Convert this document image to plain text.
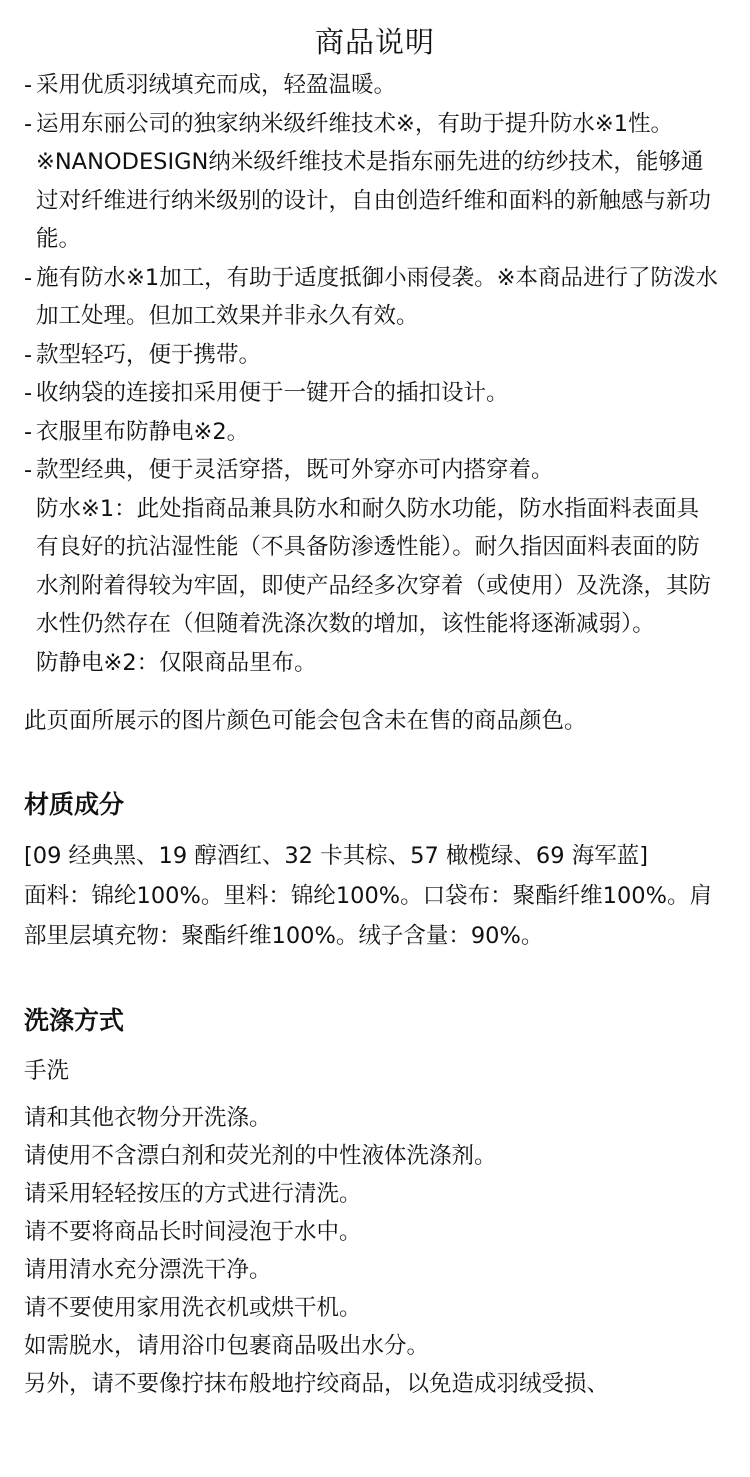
商品说明
- 采用优质羽绒填充而成，轻盈温暖。
- 运用东丽公司的独家纳米级纤维技术※，有助于提升防水※1性。※NANODESIGN纳米级纤维技术是指东丽先进的纺纱技术，能够通过对纤维进行纳米级别的设计，自由创造纤维和面料的新触感与新功能。
- 施有防水※1加工，有助于适度抵御小雨侵袭。※本商品进行了防泼水加工处理。但加工效果并非永久有效。
- 款型轻巧，便于携带。
- 收纳袋的连接扣采用便于一键开合的插扣设计。
- 衣服里布防静电※2。
- 款型经典，便于灵活穿搭，既可外穿亦可内搭穿着。

防水※1：此处指商品兼具防水和耐久防水功能，防水指面料表面具有良好的抗沾湿性能（不具备防渗透性能）。耐久指因面料表面的防水剂附着得较为牢固，即使产品经多次穿着（或使用）及洗涤，其防水性仍然存在（但随着洗涤次数的增加，该性能将逐渐减弱）。

防静电※2：仅限商品里布。

此页面所展示的图片颜色可能会包含未在售的商品颜色。
材质成分

[09 经典黑、19 醇酒红、32 卡其棕、57 橄榄绿、69 海军蓝]

面料：锦纶100%。里料：锦纶100%。口袋布：聚酯纤维100%。肩部里层填充物：聚酯纤维100%。绒子含量：90%。

洗涤方式
手洗

请和其他衣物分开洗涤。

请使用不含漂白剂和荧光剂的中性液体洗涤剂。

请采用轻轻按压的方式进行清洗。

请不要将商品长时间浸泡于水中。

请用清水充分漂洗干净。

请不要使用家用洗衣机或烘干机。

如需脱水，请用浴巾包裹商品吸出水分。

另外，请不要像拧抹布般地拧绞商品，以免造成羽绒受损、
